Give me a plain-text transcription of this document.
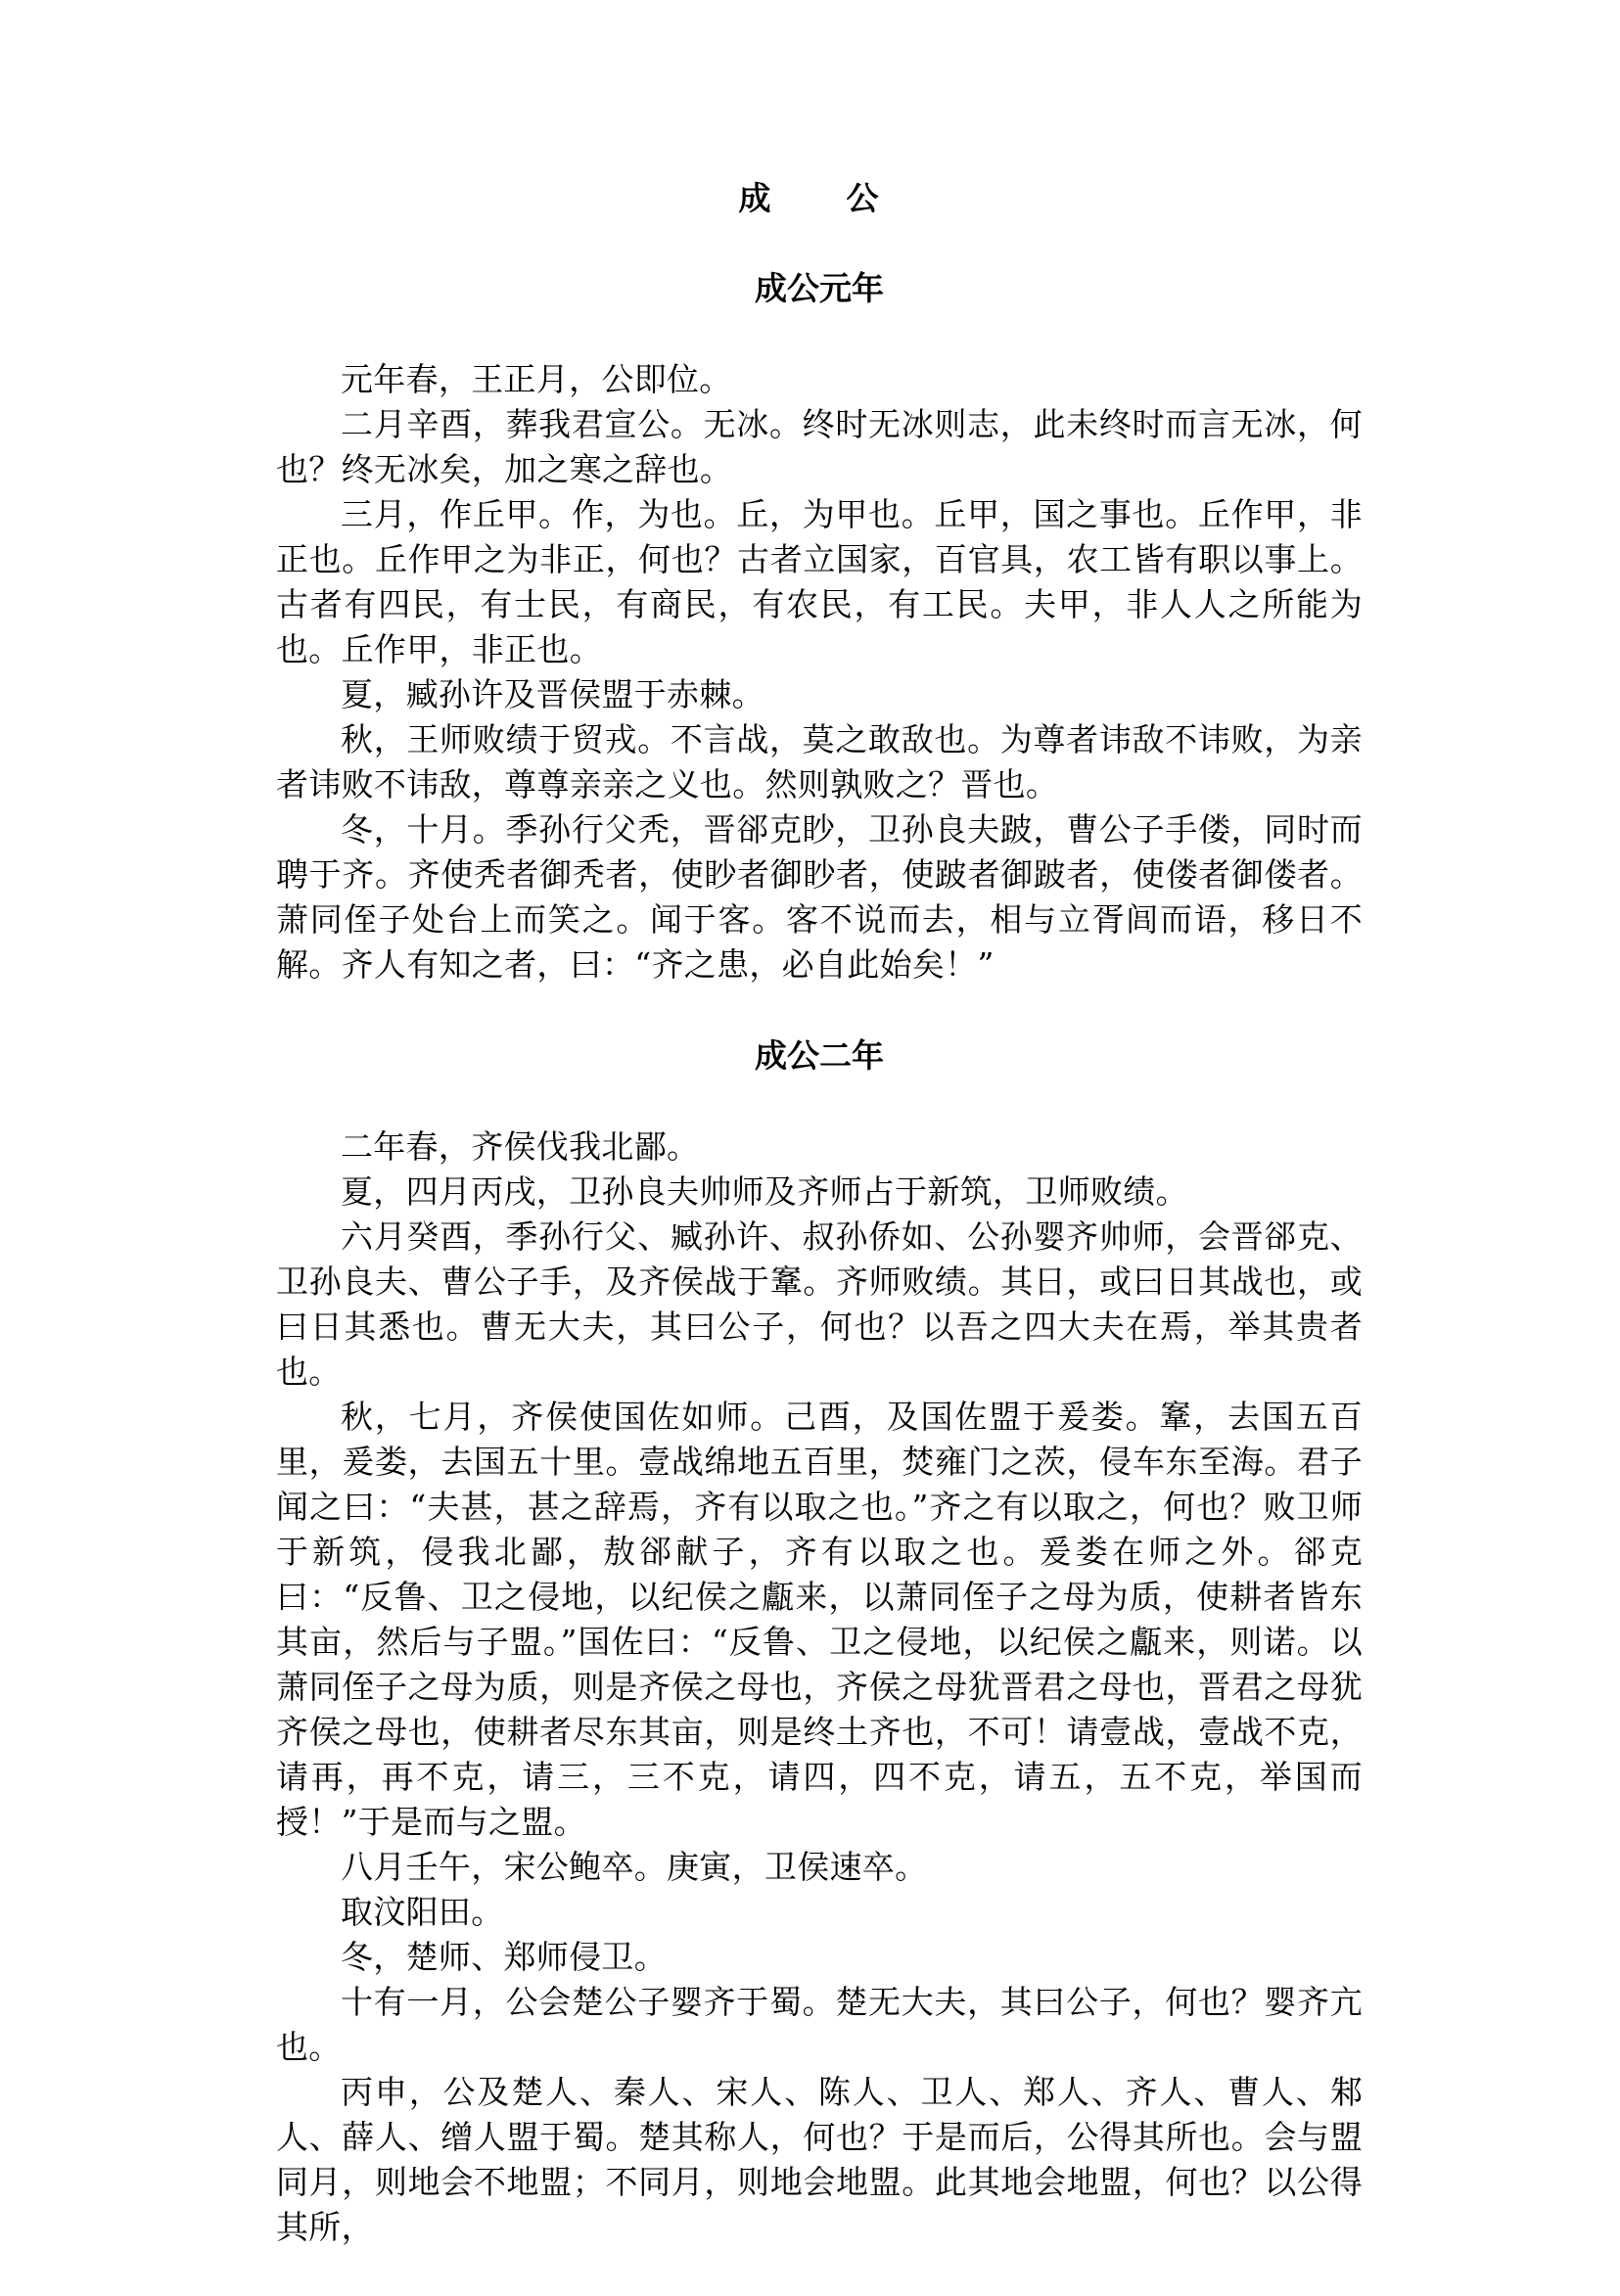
成　公
成公元年

元年春，王正月，公即位。

二月辛酉，葬我君宣公。无冰。终时无冰则志，此未终时而言无冰，何也？终无冰矣，加之寒之辞也。

三月，作丘甲。作，为也。丘，为甲也。丘甲，国之事也。丘作甲，非正也。丘作甲之为非正，何也？古者立国家，百官具，农工皆有职以事上。古者有四民，有士民，有商民，有农民，有工民。夫甲，非人人之所能为也。丘作甲，非正也。

夏，臧孙许及晋侯盟于赤棘。

秋，王师败绩于贸戎。不言战，莫之敢敌也。为尊者讳敌不讳败，为亲者讳败不讳敌，尊尊亲亲之义也。然则孰败之？晋也。

冬，十月。季孙行父秃，晋郤克眇，卫孙良夫跛，曹公子手偻，同时而聘于齐。齐使秃者御秃者，使眇者御眇者，使跛者御跛者，使偻者御偻者。萧同侄子处台上而笑之。闻于客。客不说而去，相与立胥闾而语，移日不解。齐人有知之者，曰：“齐之患，必自此始矣！”

成公二年

二年春，齐侯伐我北鄙。

夏，四月丙戌，卫孙良夫帅师及齐师占于新筑，卫师败绩。

六月癸酉，季孙行父、臧孙许、叔孙侨如、公孙婴齐帅师，会晋郤克、卫孙良夫、曹公子手，及齐侯战于鞌。齐师败绩。其日，或曰日其战也，或曰日其悉也。曹无大夫，其曰公子，何也？以吾之四大夫在焉，举其贵者也。

秋，七月，齐侯使国佐如师。己酉，及国佐盟于爰娄。鞌，去国五百里，爰娄，去国五十里。壹战绵地五百里，焚雍门之茨，侵车东至海。君子闻之曰：“夫甚，甚之辞焉，齐有以取之也。”齐之有以取之，何也？败卫师于新筑，侵我北鄙，敖郤献子，齐有以取之也。爰娄在师之外。郤克曰：“反鲁、卫之侵地，以纪侯之甗来，以萧同侄子之母为质，使耕者皆东其亩，然后与子盟。”国佐曰：“反鲁、卫之侵地，以纪侯之甗来，则诺。以萧同侄子之母为质，则是齐侯之母也，齐侯之母犹晋君之母也，晋君之母犹齐侯之母也，使耕者尽东其亩，则是终土齐也，不可！请壹战，壹战不克，请再，再不克，请三，三不克，请四，四不克，请五，五不克，举国而授！”于是而与之盟。

八月壬午，宋公鲍卒。庚寅，卫侯速卒。

取汶阳田。

冬，楚师、郑师侵卫。

十有一月，公会楚公子婴齐于蜀。楚无大夫，其曰公子，何也？婴齐亢也。

丙申，公及楚人、秦人、宋人、陈人、卫人、郑人、齐人、曹人、邾人、薛人、缯人盟于蜀。楚其称人，何也？于是而后，公得其所也。会与盟同月，则地会不地盟；不同月，则地会地盟。此其地会地盟，何也？以公得其所，
